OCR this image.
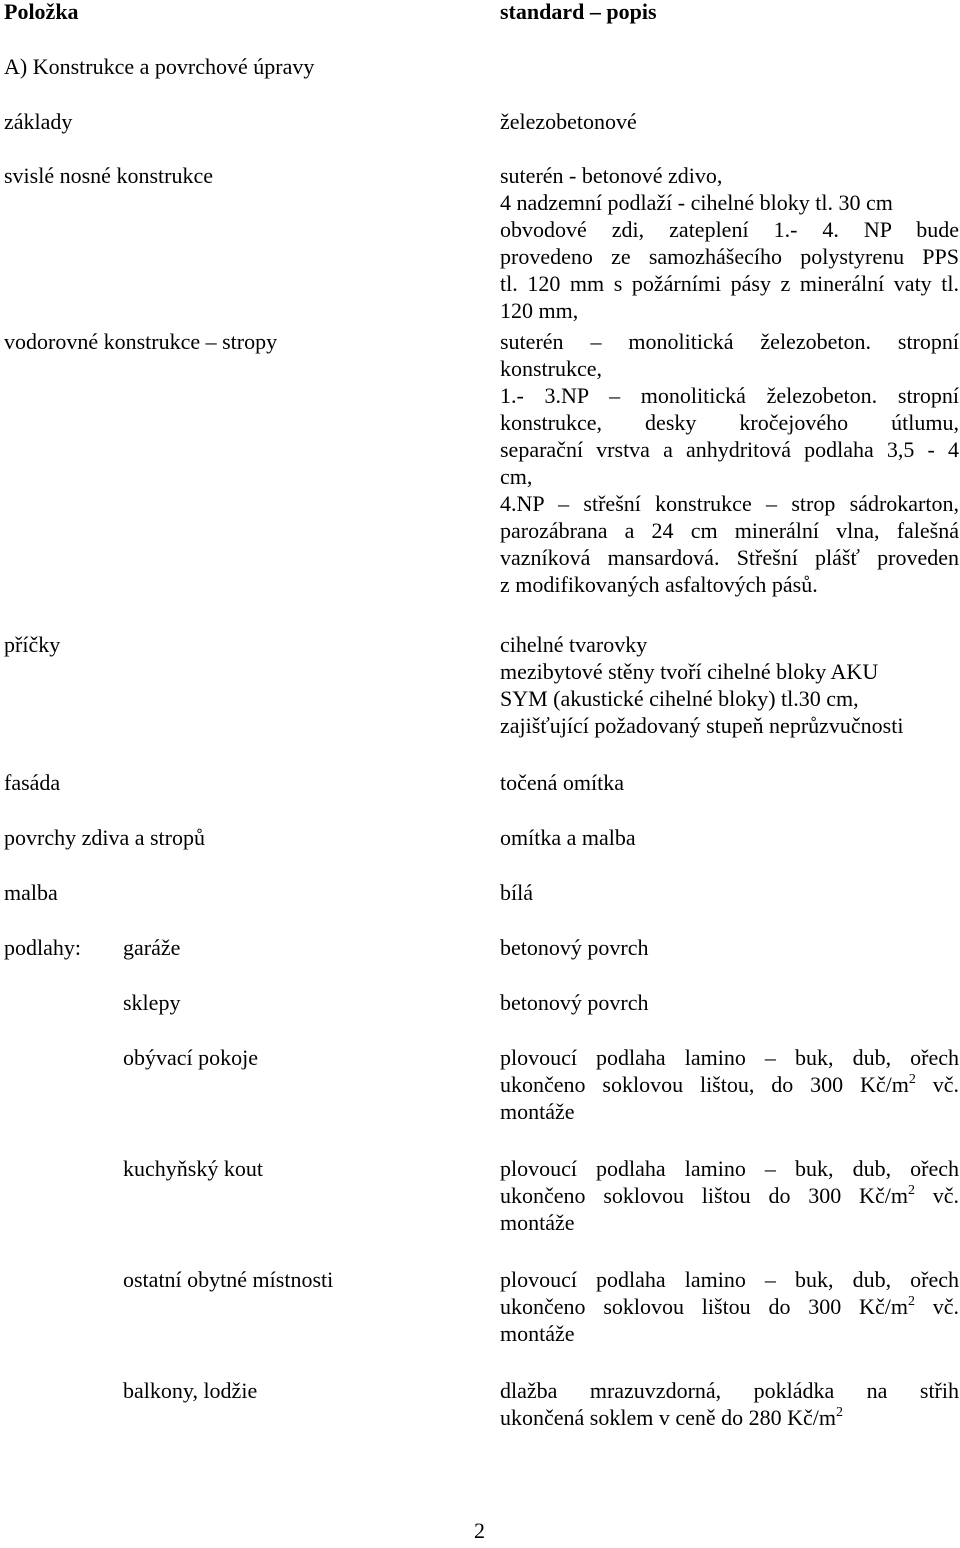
Položka	standard – popis
A) Konstrukce a povrchové úpravy
základy	železobetonové
svislé nosné konstrukce	suterén - betonové zdivo,
4 nadzemní podlaží - cihelné bloky tl. 30 cm
obvodové zdi, zateplení 1.- 4. NP bude
provedeno ze samozhášecího polystyrenu PPS
tl. 120 mm s požárními pásy z minerální vaty tl.
120 mm,
vodorovné konstrukce – stropy	suterén – monolitická železobeton. stropní
konstrukce,
1.- 3.NP – monolitická železobeton. stropní
konstrukce, desky kročejového útlumu,
separační vrstva a anhydritová podlaha 3,5 - 4
cm,
4.NP – střešní konstrukce – strop sádrokarton,
parozábrana a 24 cm minerální vlna, falešná
vazníková mansardová. Střešní plášť proveden
z modifikovaných asfaltových pásů.
příčky	cihelné tvarovky
mezibytové stěny tvoří cihelné bloky AKU
SYM (akustické cihelné bloky) tl.30 cm,
zajišťující požadovaný stupeň neprůzvučnosti
fasáda	točená omítka
povrchy zdiva a stropů	omítka a malba
malba	bílá
podlahy: garáže	betonový povrch
sklepy	betonový povrch
obývací pokoje	plovoucí podlaha lamino – buk, dub, ořech
ukončeno soklovou lištou, do 300 $Kč/m^2$ vč.
montáže
kuchyňský kout	plovoucí podlaha lamino – buk, dub, ořech
ukončeno soklovou lištou do 300 $Kč/m^2$ vč.
montáže
ostatní obytné místnosti	plovoucí podlaha lamino – buk, dub, ořech
ukončeno soklovou lištou do 300 $Kč/m^2$ vč.
montáže
balkony, lodžie	dlažba mrazuvzdorná, pokládka na střih
ukončená soklem v ceně do 280 $Kč/m^2$
2
